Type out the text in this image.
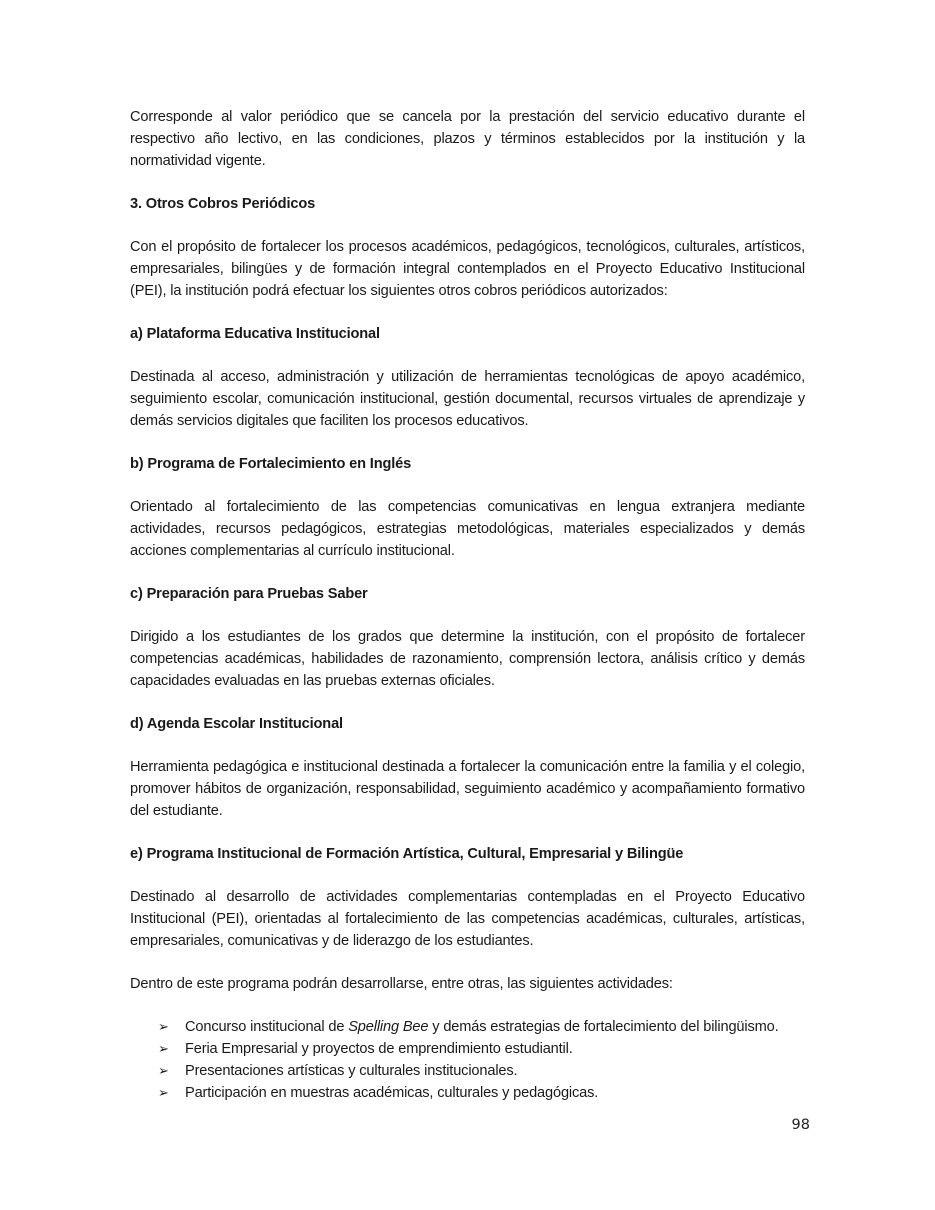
Corresponde al valor periódico que se cancela por la prestación del servicio educativo durante el respectivo año lectivo, en las condiciones, plazos y términos establecidos por la institución y la normatividad vigente.

3. Otros Cobros Periódicos

Con el propósito de fortalecer los procesos académicos, pedagógicos, tecnológicos, culturales, artísticos, empresariales, bilingües y de formación integral contemplados en el Proyecto Educativo Institucional (PEI), la institución podrá efectuar los siguientes otros cobros periódicos autorizados:

a) Plataforma Educativa Institucional

Destinada al acceso, administración y utilización de herramientas tecnológicas de apoyo académico, seguimiento escolar, comunicación institucional, gestión documental, recursos virtuales de aprendizaje y demás servicios digitales que faciliten los procesos educativos.

b) Programa de Fortalecimiento en Inglés

Orientado al fortalecimiento de las competencias comunicativas en lengua extranjera mediante actividades, recursos pedagógicos, estrategias metodológicas, materiales especializados y demás acciones complementarias al currículo institucional.

c) Preparación para Pruebas Saber

Dirigido a los estudiantes de los grados que determine la institución, con el propósito de fortalecer competencias académicas, habilidades de razonamiento, comprensión lectora, análisis crítico y demás capacidades evaluadas en las pruebas externas oficiales.

d) Agenda Escolar Institucional

Herramienta pedagógica e institucional destinada a fortalecer la comunicación entre la familia y el colegio, promover hábitos de organización, responsabilidad, seguimiento académico y acompañamiento formativo del estudiante.

e) Programa Institucional de Formación Artística, Cultural, Empresarial y Bilingüe

Destinado al desarrollo de actividades complementarias contempladas en el Proyecto Educativo Institucional (PEI), orientadas al fortalecimiento de las competencias académicas, culturales, artísticas, empresariales, comunicativas y de liderazgo de los estudiantes.

Dentro de este programa podrán desarrollarse, entre otras, las siguientes actividades:

➢ Concurso institucional de Spelling Bee y demás estrategias de fortalecimiento del bilingüismo.
➢ Feria Empresarial y proyectos de emprendimiento estudiantil.
➢ Presentaciones artísticas y culturales institucionales.
➢ Participación en muestras académicas, culturales y pedagógicas.
98
